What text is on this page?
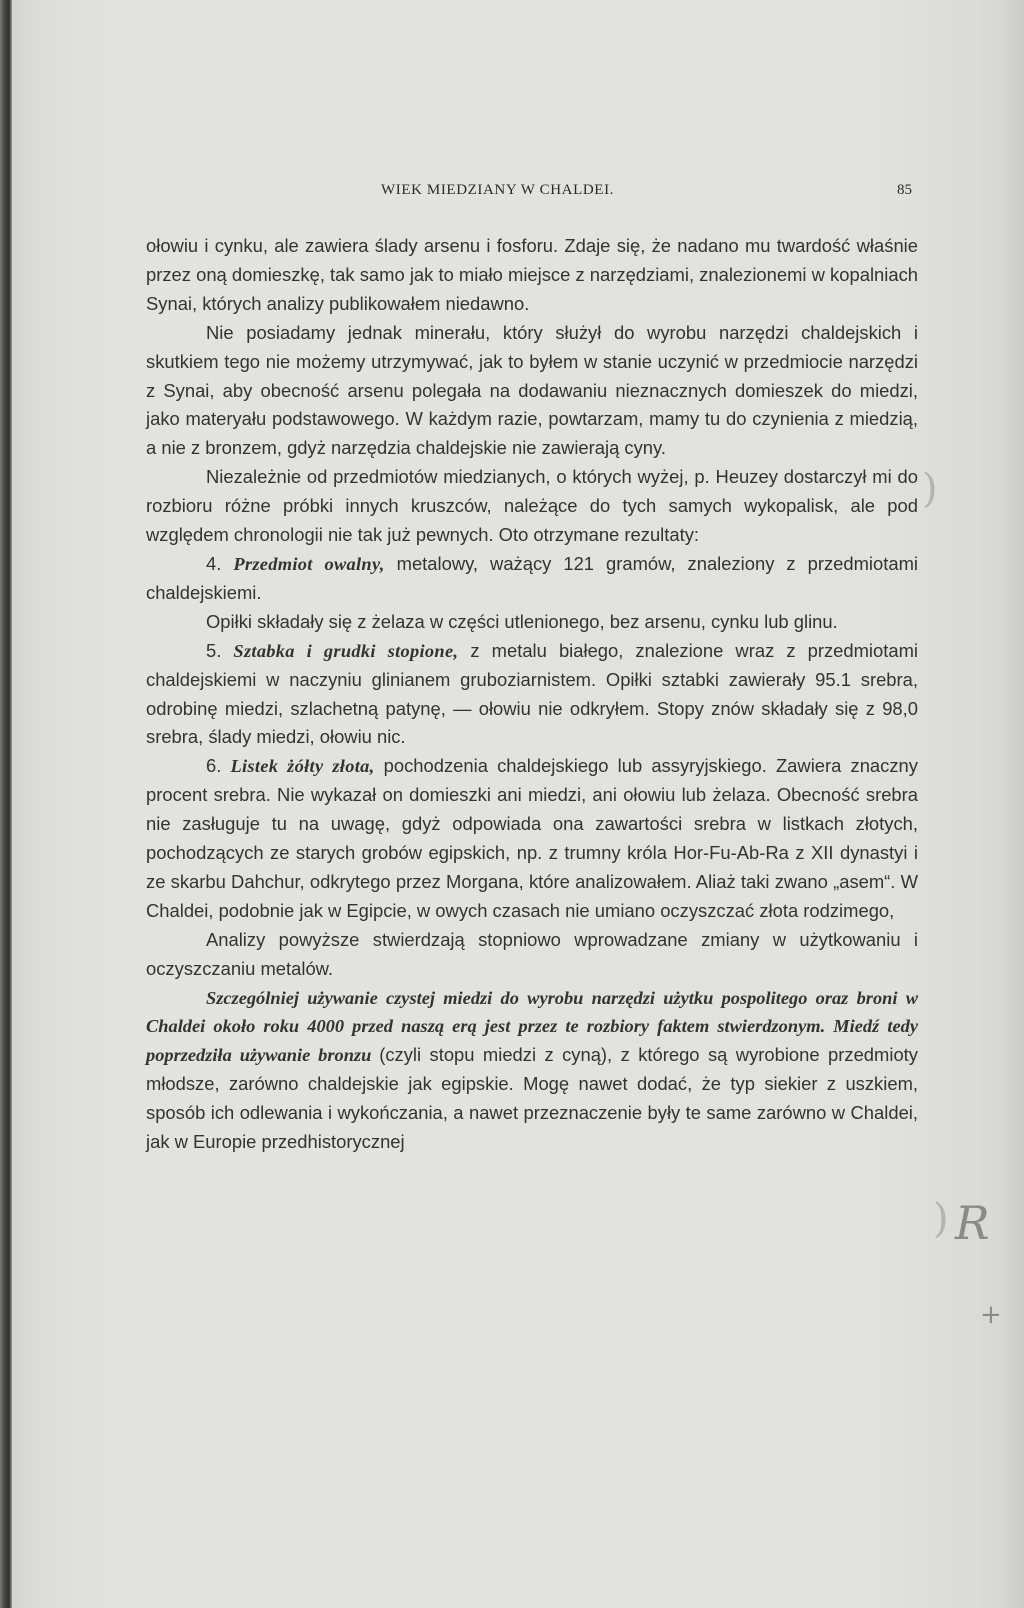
WIEK MIEDZIANY W CHALDEI.	85

ołowiu i cynku, ale zawiera ślady arsenu i fosforu. Zdaje się, że nadano mu twardość właśnie przez oną domieszkę, tak samo jak to miało miejsce z narzędziami, znalezionemi w kopalniach Synai, których analizy publikowałem niedawno.

Nie posiadamy jednak minerału, który służył do wyrobu narzędzi chaldejskich i skutkiem tego nie możemy utrzymywać, jak to byłem w stanie uczynić w przedmiocie narzędzi z Synai, aby obecność arsenu polegała na dodawaniu nieznacznych domieszek do miedzi, jako materyału podstawowego. W każdym razie, powtarzam, mamy tu do czynienia z miedzią, a nie z bronzem, gdyż narzędzia chaldejskie nie zawierają cyny.

Niezależnie od przedmiotów miedzianych, o których wyżej, p. Heuzey dostarczył mi do rozbioru różne próbki innych kruszców, należące do tych samych wykopalisk, ale pod względem chronologii nie tak już pewnych. Oto otrzymane rezultaty:

4. Przedmiot owalny, metalowy, ważący 121 gramów, znaleziony z przedmiotami chaldejskiemi.

Opiłki składały się z żelaza w części utlenionego, bez arsenu, cynku lub glinu.

5. Sztabka i grudki stopione, z metalu białego, znalezione wraz z przedmiotami chaldejskiemi w naczyniu glinianem gruboziarnistem. Opiłki sztabki zawierały 95.1 srebra, odrobinę miedzi, szlachetną patynę, — ołowiu nie odkryłem. Stopy znów składały się z 98,0 srebra, ślady miedzi, ołowiu nic.

6. Listek żółty złota, pochodzenia chaldejskiego lub assyryjskiego. Zawiera znaczny procent srebra. Nie wykazał on domieszki ani miedzi, ani ołowiu lub żelaza. Obecność srebra nie zasługuje tu na uwagę, gdyż odpowiada ona zawartości srebra w listkach złotych, pochodzących ze starych grobów egipskich, np. z trumny króla Hor-Fu-Ab-Ra z XII dynastyi i ze skarbu Dahchur, odkrytego przez Morgana, które analizowałem. Aliaż taki zwano „asem“. W Chaldei, podobnie jak w Egipcie, w owych czasach nie umiano oczyszczać złota rodzimego,

Analizy powyższe stwierdzają stopniowo wprowadzane zmiany w użytkowaniu i oczyszczaniu metalów.

Szczególniej używanie czystej miedzi do wyrobu narzędzi użytku pospolitego oraz broni w Chaldei około roku 4000 przed naszą erą jest przez te rozbiory faktem stwierdzonym. Miedź tedy poprzedziła używanie bronzu (czyli stopu miedzi z cyną), z którego są wyrobione przedmioty młodsze, zarówno chaldejskie jak egipskie. Mogę nawet dodać, że typ siekier z uszkiem, sposób ich odlewania i wykończania, a nawet przeznaczenie były te same zarówno w Chaldei, jak w Europie przedhistorycznej

)
) R
+
